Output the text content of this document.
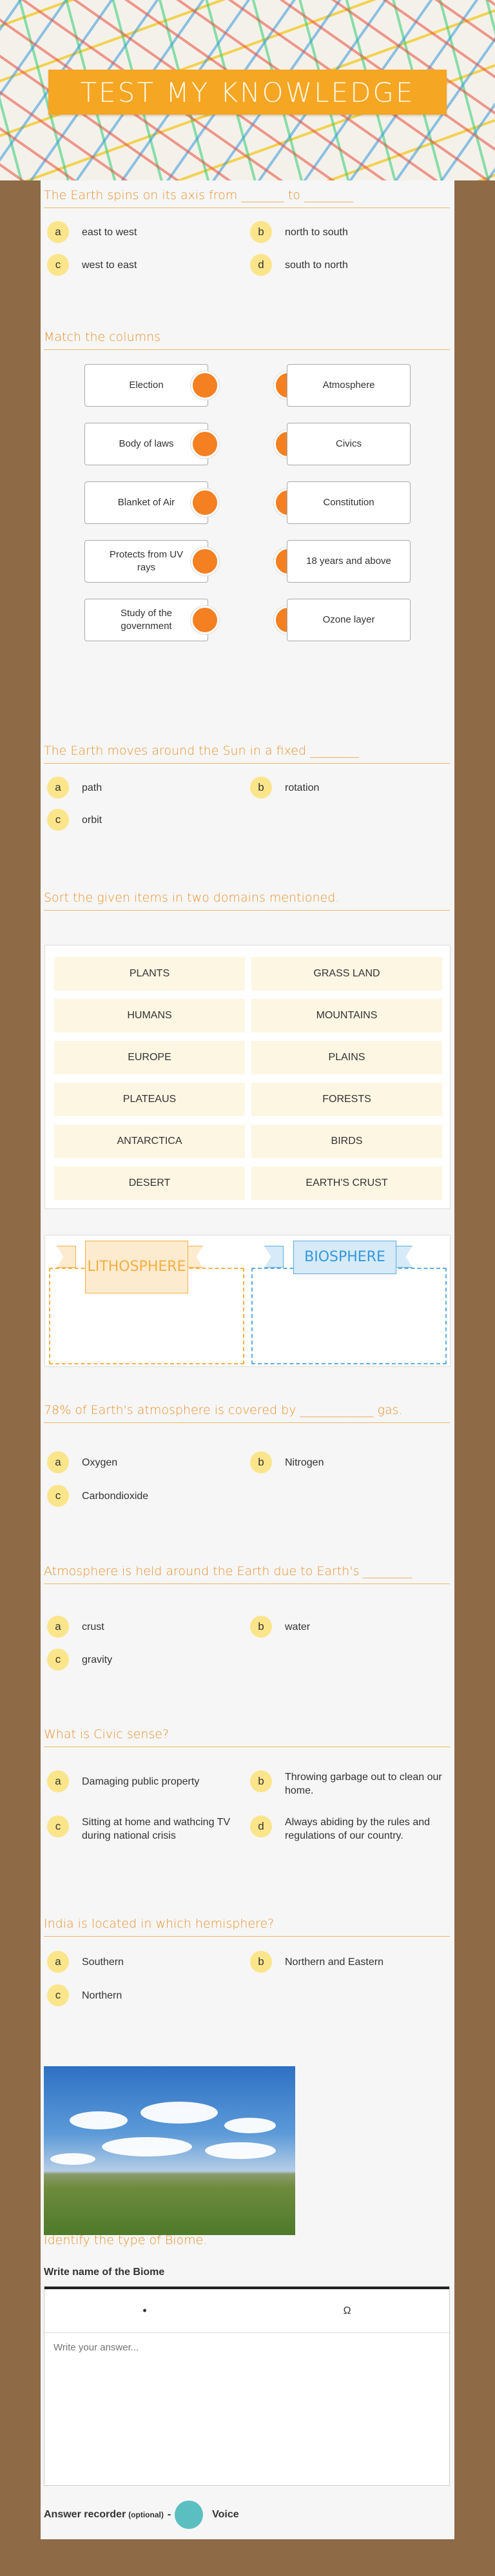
TEST MY KNOWLEDGE
The Earth spins on its axis from _______ to ________
a	east to west	b	north to south
c	west to east	d	south to north
Match the columns
Election	Atmosphere
Body of laws	Civics
Blanket of Air	Constitution
Protects from UV rays
18 years and above
Study of the government
Ozone layer
The Earth moves around the Sun in a fixed ________
a	path	b	rotation
c	orbit
Sort the given items in two domains mentioned.
PLANTS	GRASS LAND
HUMANS	MOUNTAINS
EUROPE	PLAINS
PLATEAUS	FORESTS
ANTARCTICA	BIRDS
DESERT	EARTH'S CRUST
LITHOSPHERE
BIOSPHERE
78% of Earth's atmosphere is covered by ____________ gas.
a	Oxygen	b	Nitrogen
c	Carbondioxide
Atmosphere is held around the Earth due to Earth's ________
a	crust	b	water
c	gravity
What is Civic sense?
a	Damaging public property	b	Throwing garbage out to clean our home.
c	Sitting at home and wathcing TV during national crisis
d	Always abiding by the rules and regulations of our country.
India is located in which hemisphere?
a	Southern	b	Northern and Eastern
c	Northern
Identify the type of Biome.
Write name of the Biome
•	Ω
Write your answer...
Answer recorder (optional) -	Voice
